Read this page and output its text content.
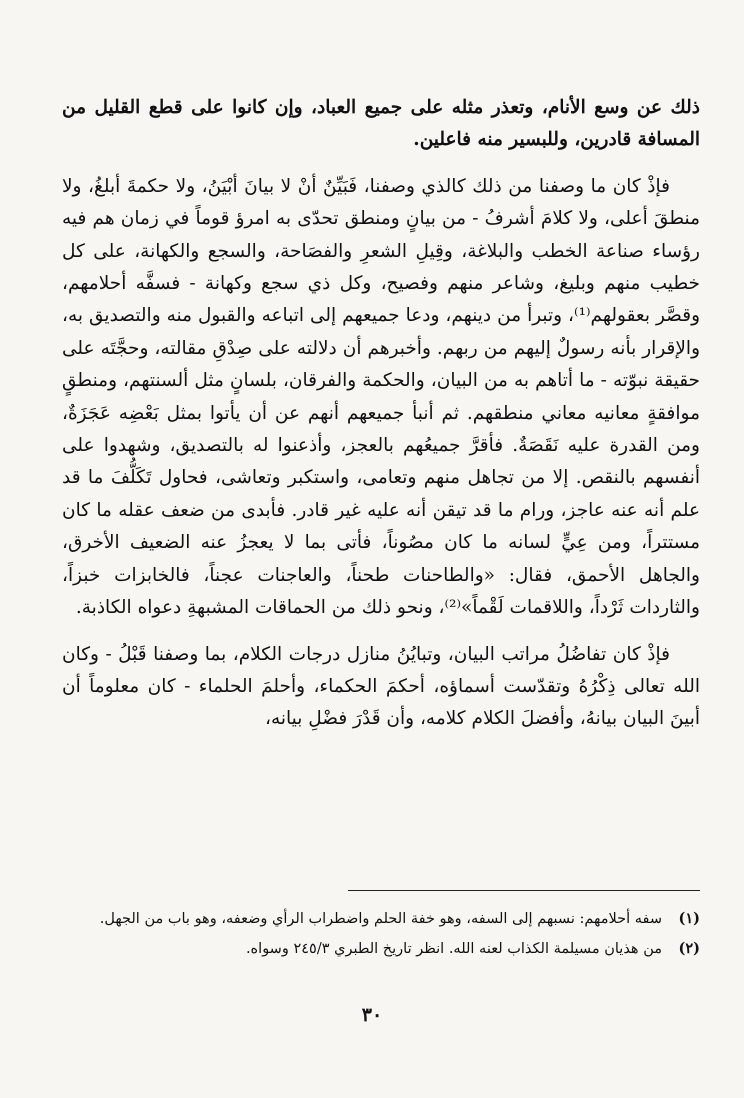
ذلك عن وسع الأنام، وتعذر مثله على جميع العباد، وإن كانوا على قطع القليل من المسافة قادرين، وللبسير منه فاعلين.

فإذْ كان ما وصفنا من ذلك كالذي وصفنا، فَبَيِّنٌ أنْ لا بيانَ أبْيَنُ، ولا حكمةَ أبلغُ، ولا منطقَ أعلى، ولا كلامَ أشرفُ - من بيانٍ ومنطق تحدّى به امرؤ قوماً في زمان هم فيه رؤساء صناعة الخطب والبلاغة، وقِيلِ الشعرِ والفصَاحة، والسجع والكهانة، على كل خطيب منهم وبليغ، وشاعر منهم وفصيح، وكل ذي سجع وكهانة - فسفَّه أحلامهم، وقصَّر بعقولهم⁽¹⁾، وتبرأ من دينهم، ودعا جميعهم إلى اتباعه والقبول منه والتصديق به، والإقرار بأنه رسولٌ إليهم من ربهم. وأخبرهم أن دلالته على صِدْقِ مقالته، وحجَّتَه على حقيقة نبوّته - ما أتاهم به من البيان، والحكمة والفرقان، بلسانٍ مثل ألسنتهم، ومنطقٍ موافقةٍ معانيه معاني منطقهم. ثم أنبأ جميعهم أنهم عن أن يأتوا بمثل بَعْضِه عَجَزَةٌ، ومن القدرة عليه نَقَصَةٌ. فأقرَّ جميعُهم بالعجز، وأذعنوا له بالتصديق، وشهدوا على أنفسهم بالنقص. إلا من تجاهل منهم وتعامى، واستكبر وتعاشى، فحاول تَكَلُّفَ ما قد علم أنه عنه عاجز، ورام ما قد تيقن أنه عليه غير قادر. فأبدى من ضعف عقله ما كان مستتراً، ومن عِيٍّ لسانه ما كان مصُوناً، فأتى بما لا يعجزُ عنه الضعيف الأخرق، والجاهل الأحمق، فقال: «والطاحنات طحناً، والعاجنات عجناً، فالخابزات خبزاً، والثاردات ثَرْداً، واللاقمات لَقْماً»⁽²⁾، ونحو ذلك من الحماقات المشبهةِ دعواه الكاذبة.

فإذْ كان تفاضُلُ مراتب البيان، وتبايُنُ منازل درجات الكلام، بما وصفنا قَبْلُ - وكان الله تعالى ذِكْرُهُ وتقدّست أسماؤه، أحكمَ الحكماء، وأحلمَ الحلماء - كان معلوماً أن أبينَ البيان بيانهُ، وأفضلَ الكلام كلامه، وأن قَدْرَ فضْلِ بيانه،

(١)
سفه أحلامهم: نسبهم إلى السفه، وهو خفة الحلم واضطراب الرأي وضعفه، وهو باب من الجهل.
(٢)
من هذيان مسيلمة الكذاب لعنه الله. انظر تاريخ الطبري ٢٤٥/٣ وسواه.
٣٠
